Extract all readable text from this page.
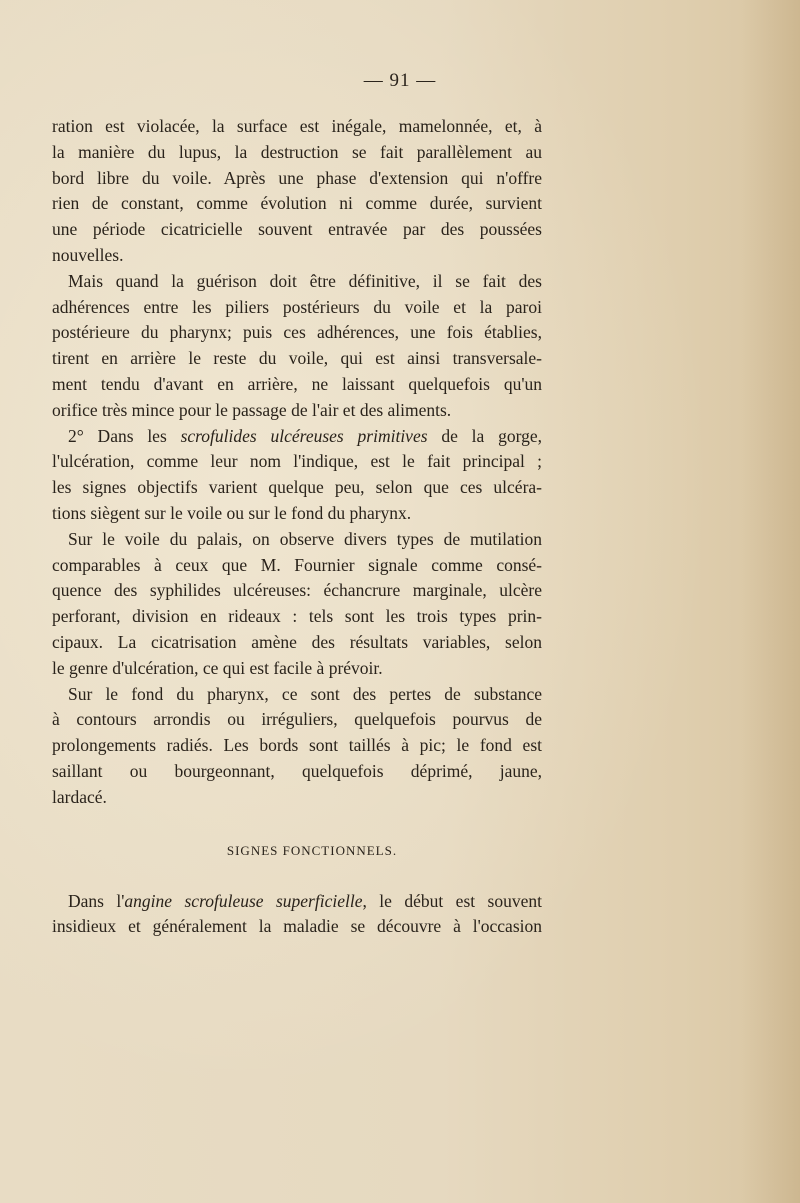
— 91 —
ration est violacée, la surface est inégale, mamelonnée, et, à
la manière du lupus, la destruction se fait parallèlement au
bord libre du voile. Après une phase d'extension qui n'offre
rien de constant, comme évolution ni comme durée, survient
une période cicatricielle souvent entravée par des poussées
nouvelles.
Mais quand la guérison doit être définitive, il se fait des
adhérences entre les piliers postérieurs du voile et la paroi
postérieure du pharynx; puis ces adhérences, une fois établies,
tirent en arrière le reste du voile, qui est ainsi transversale-
ment tendu d'avant en arrière, ne laissant quelquefois qu'un
orifice très mince pour le passage de l'air et des aliments.
2° Dans les scrofulides ulcéreuses primitives de la gorge,
l'ulcération, comme leur nom l'indique, est le fait principal ;
les signes objectifs varient quelque peu, selon que ces ulcéra-
tions siègent sur le voile ou sur le fond du pharynx.
Sur le voile du palais, on observe divers types de mutilation
comparables à ceux que M. Fournier signale comme consé-
quence des syphilides ulcéreuses: échancrure marginale, ulcère
perforant, division en rideaux : tels sont les trois types prin-
cipaux. La cicatrisation amène des résultats variables, selon
le genre d'ulcération, ce qui est facile à prévoir.
Sur le fond du pharynx, ce sont des pertes de substance
à contours arrondis ou irréguliers, quelquefois pourvus de
prolongements radiés. Les bords sont taillés à pic; le fond est
saillant ou bourgeonnant, quelquefois déprimé, jaune,
lardacé.
SIGNES FONCTIONNELS.
Dans l'angine scrofuleuse superficielle, le début est souvent
insidieux et généralement la maladie se découvre à l'occasion
